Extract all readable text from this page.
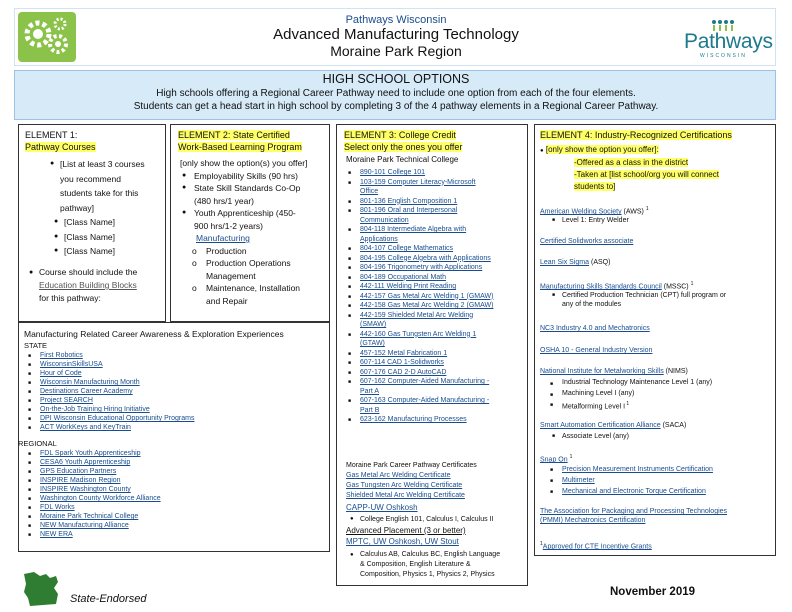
Pathways Wisconsin
Advanced Manufacturing Technology
Moraine Park Region	Pathways
WISCONSIN
HIGH SCHOOL OPTIONS
High schools offering a Regional Career Pathway need to include one option from each of the four elements.
Students can get a head start in high school by completing 3 of the 4 pathway elements in a Regional Career Pathway.
ELEMENT 1:
Pathway Courses
● [List at least 3 courses
you recommend
students take for this
pathway]
● [Class Name]
● [Class Name]
● [Class Name]
● Course should include the
Education Building Blocks
for this pathway:
ELEMENT 2: State Certified
Work-Based Learning Program
[only show the option(s) you offer]
● Employability Skills (90 hrs)
● State Skill Standards Co-Op
(480 hrs/1 year)
● Youth Apprenticeship (450-
900 hrs/1-2 years)
Manufacturing
o Production
o Production Operations
Management
o Maintenance, Installation
and Repair
Manufacturing Related Career Awareness & Exploration Experiences
STATE
■ First Robotics
■ WisconsinSkillsUSA
■ Hour of Code
■ Wisconsin Manufacturing Month
■ Destinations Career Academy
■ Project SEARCH
■ On-the-Job Training Hiring Initiative
■ DPI Wisconsin Educational Opportunity Programs
■ ACT WorkKeys and KeyTrain
REGIONAL
■ FDL Spark Youth Apprenticeship
■ CESA6 Youth Apprenticeship
■ GPS Education Partners
■ INSPIRE Madison Region
■ INSPIRE Washington County
■ Washington County Workforce Alliance
■ FDL Works
■ Moraine Park Technical College
■ NEW Manufacturing Alliance
■ NEW ERA
ELEMENT 3: College Credit
Select only the ones you offer
Moraine Park Technical College
■ 890-101 College 101
■ 103-159 Computer Literacy-Microsoft
Office
■ 801-136 English Composition 1
■ 801-196 Oral and Interpersonal
Communication
■ 804-118 Intermediate Algebra with
Applications
■ 804-107 College Mathematics
■ 804-195 College Algebra with Applications
■ 804-196 Trigonometry with Applications
■ 804-189 Occupational Math
■ 442-111 Welding Print Reading
■ 442-157 Gas Metal Arc Welding 1 (GMAW)
■ 442-158 Gas Metal Arc Welding 2 (GMAW)
■ 442-159 Shielded Metal Arc Welding
(SMAW)
■ 442-160 Gas Tungsten Arc Welding 1
(GTAW)
■ 457-152 Metal Fabrication 1
■ 607-114 CAD 1-Solidworks
■ 607-176 CAD 2-D AutoCAD
■ 607-162 Computer-Aided Manufacturing -
Part A
■ 607-163 Computer-Aided Manufacturing -
Part B
■ 623-162 Manufacturing Processes
Moraine Park Career Pathway Certificates
Gas Metal Arc Welding Certificate
Gas Tungsten Arc Welding Certificate
Shielded Metal Arc Welding Certificate
CAPP-UW Oshkosh
● College English 101, Calculus I, Calculus II
Advanced Placement (3 or better)
MPTC, UW Oshkosh, UW Stout
● Calculus AB, Calculus BC, English Language
& Composition, English Literature &
Composition, Physics 1, Physics 2, Physics
ELEMENT 4: Industry-Recognized Certifications
● [only show the option you offer]:
-Offered as a class in the district
-Taken at [list school/org you will connect
students to]
American Welding Society (AWS) $^1$
■ Level 1: Entry Welder
Certified Solidworks associate
Lean Six Sigma (ASQ)
Manufacturing Skills Standards Council (MSSC) $^1$
■ Certified Production Technician (CPT) full program or
any of the modules
NC3 Industry 4.0 and Mechatronics
OSHA 10 - General Industry Version
National Institute for Metalworking Skills (NIMS)
■ Industrial Technology Maintenance Level 1 (any)
■ Machining Level I (any)
■ Metalforming Level I $^1$
Smart Automation Certification Alliance (SACA)
■ Associate Level (any)
Snap On $^1$
■ Precision Measurement Instruments Certification
■ Multimeter
■ Mechanical and Electronic Torque Certification
The Association for Packaging and Processing Technologies
(PMMI) Mechatronics Certification
$^1$Approved for CTE Incentive Grants
State-Endorsed
November 2019
